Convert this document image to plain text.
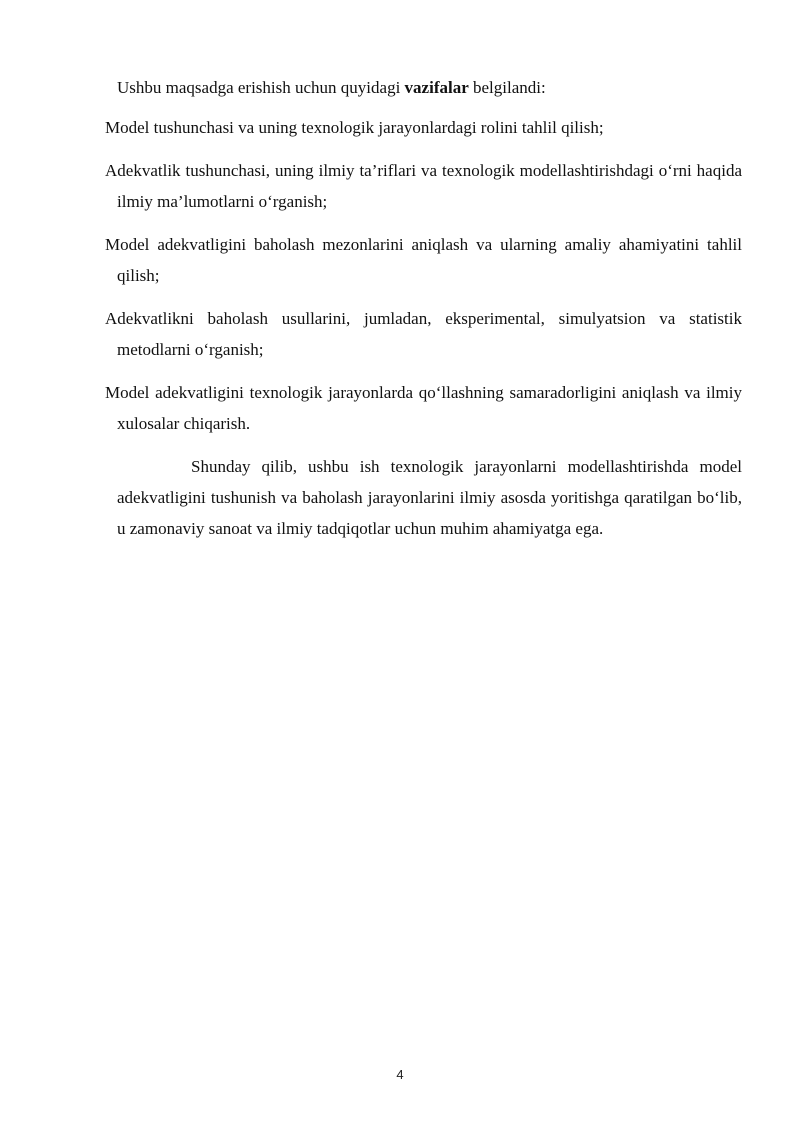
Ushbu maqsadga erishish uchun quyidagi vazifalar belgilandi:

Model tushunchasi va uning texnologik jarayonlardagi rolini tahlil qilish;

Adekvatlik tushunchasi, uning ilmiy ta’riflari va texnologik modellashtirishdagi o‘rni haqida ilmiy ma’lumotlarni o‘rganish;

Model adekvatligini baholash mezonlarini aniqlash va ularning amaliy ahamiyatini tahlil qilish;

Adekvatlikni baholash usullarini, jumladan, eksperimental, simulyatsion va statistik metodlarni o‘rganish;

Model adekvatligini texnologik jarayonlarda qo‘llashning samaradorligini aniqlash va ilmiy xulosalar chiqarish.

Shunday qilib, ushbu ish texnologik jarayonlarni modellashtirishda model adekvatligini tushunish va baholash jarayonlarini ilmiy asosda yoritishga qaratilgan bo‘lib, u zamonaviy sanoat va ilmiy tadqiqotlar uchun muhim ahamiyatga ega.

4
